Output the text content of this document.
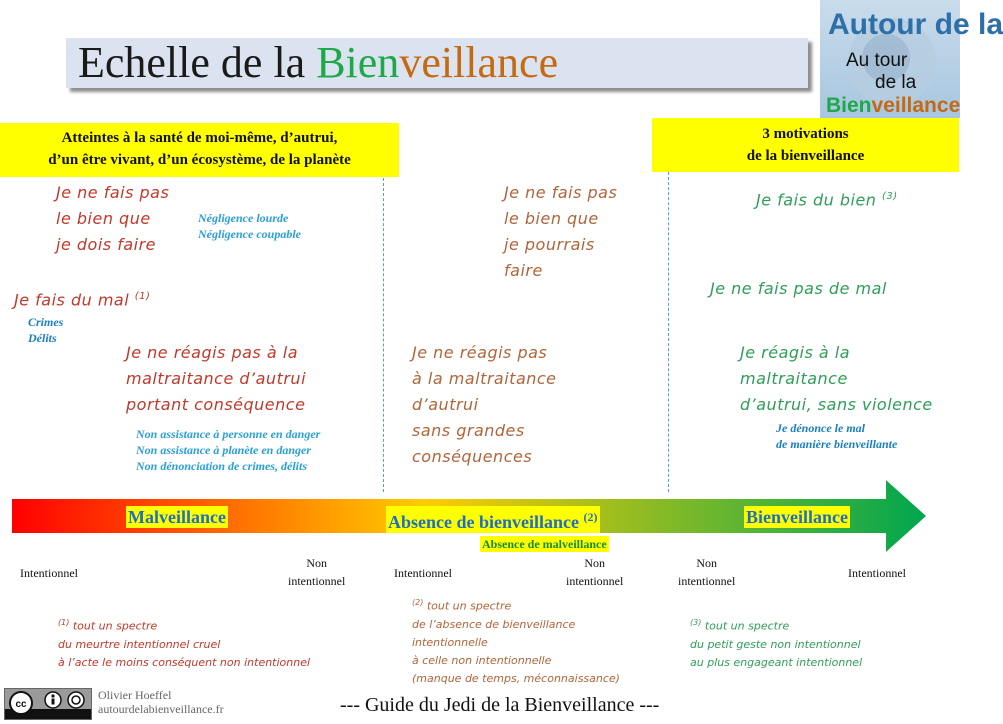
Echelle de la Bienveillance
Autour de la
Au tour
de la
Bienveillance
Atteintes à la santé de moi-même, d’autrui,
d’un être vivant, d’un écosystème, de la planète
3 motivations
de la bienveillance
Je ne fais pas
le bien que
je dois faire
Négligence lourde
Négligence coupable
Je fais du mal $^{(1)}$
Crimes
Délits
Je ne réagis pas à la
maltraitance d’autrui
portant conséquence
Non assistance à personne en danger
Non assistance à planète en danger
Non dénonciation de crimes, délits
Je ne fais pas
le bien que
je pourrais
faire
Je ne réagis pas
à la maltraitance
d’autrui
sans grandes
conséquences
Je fais du bien $^{(3)}$
Je ne fais pas de mal
Je réagis à la
maltraitance
d’autrui, sans violence
Je dénonce le mal
de manière bienveillante
Malveillance	Absence de bienveillance $^{(2)}$	Bienveillance
Absence de malveillance
Intentionnel
Non
intentionnel
Intentionnel
Non
intentionnel
Non
intentionnel
Intentionnel
$^{(1)}$ tout un spectre
du meurtre intentionnel cruel
à l’acte le moins conséquent non intentionnel
$^{(2)}$ tout un spectre
de l’absence de bienveillance
intentionnelle
à celle non intentionnelle
(manque de temps, méconnaissance)
$^{(3)}$ tout un spectre
du petit geste non intentionnel
au plus engageant intentionnel
cc
Olivier Hoeffel
autourdelabienveillance.fr	--- Guide du Jedi de la Bienveillance ---
